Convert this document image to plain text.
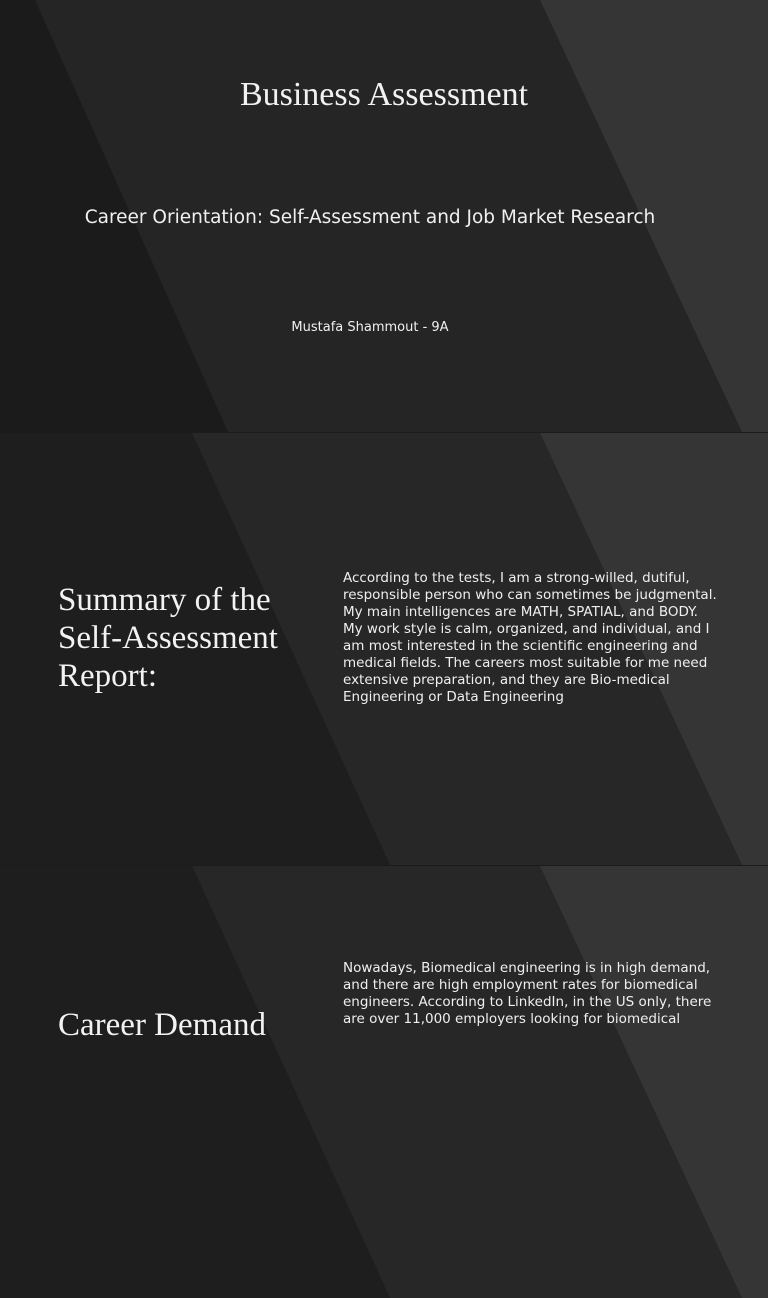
Business Assessment
Career Orientation: Self-Assessment and Job Market Research
Mustafa Shammout - 9A
Summary of the Self-Assessment Report:
According to the tests, I am a strong-willed, dutiful, responsible person who can sometimes be judgmental. My main intelligences are MATH, SPATIAL, and BODY. My work style is calm, organized, and individual, and I am most interested in the scientific engineering and medical fields. The careers most suitable for me need extensive preparation, and they are Bio-medical Engineering or Data Engineering
Career Demand
Nowadays, Biomedical engineering is in high demand, and there are high employment rates for biomedical engineers. According to LinkedIn, in the US only, there are over 11,000 employers looking for biomedical
